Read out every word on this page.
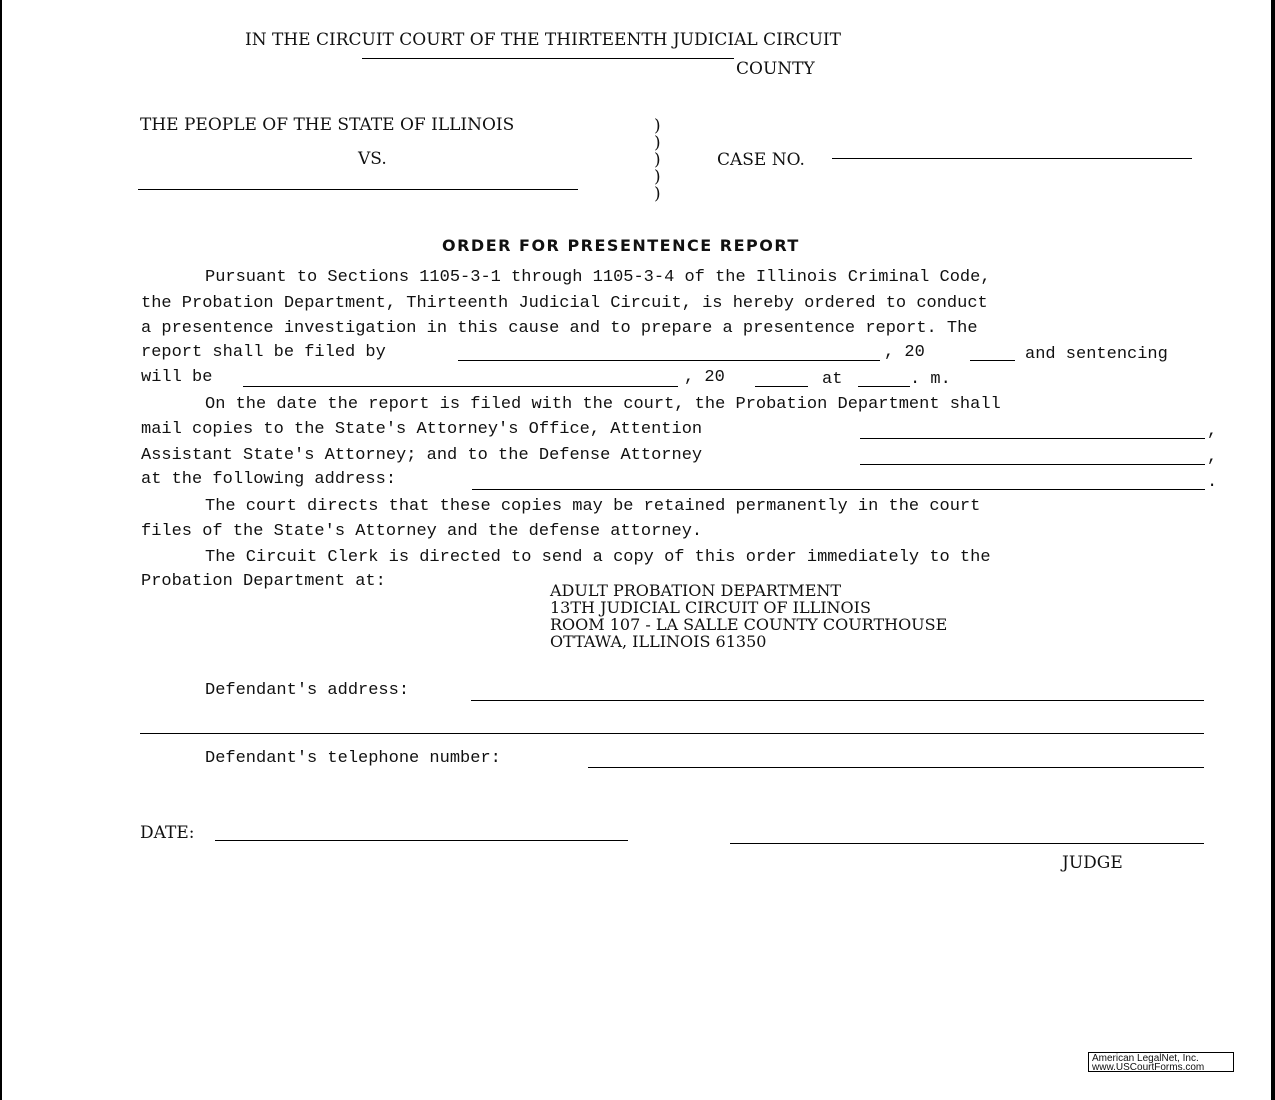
IN THE CIRCUIT COURT OF THE THIRTEENTH JUDICIAL CIRCUIT
COUNTY
THE PEOPLE OF THE STATE OF ILLINOIS
VS.
)
)
)
)
)
CASE NO.
ORDER FOR PRESENTENCE REPORT
Pursuant to Sections 1105-3-1 through 1105-3-4 of the Illinois Criminal Code,
the Probation Department, Thirteenth Judicial Circuit, is hereby ordered to conduct
a presentence investigation in this cause and to prepare a presentence report. The
report shall be filed by	, 20	and sentencing
will be	, 20	at	. m.
On the date the report is filed with the court, the Probation Department shall
mail copies to the State's Attorney's Office, Attention	,
Assistant State's Attorney; and to the Defense Attorney	,
at the following address:	.
The court directs that these copies may be retained permanently in the court
files of the State's Attorney and the defense attorney.
The Circuit Clerk is directed to send a copy of this order immediately to the
Probation Department at:	ADULT PROBATION DEPARTMENT
13TH JUDICIAL CIRCUIT OF ILLINOIS
ROOM 107 - LA SALLE COUNTY COURTHOUSE
OTTAWA, ILLINOIS 61350
Defendant's address:
Defendant's telephone number:
DATE:
JUDGE
American LegalNet, Inc.
www.USCourtForms.com
